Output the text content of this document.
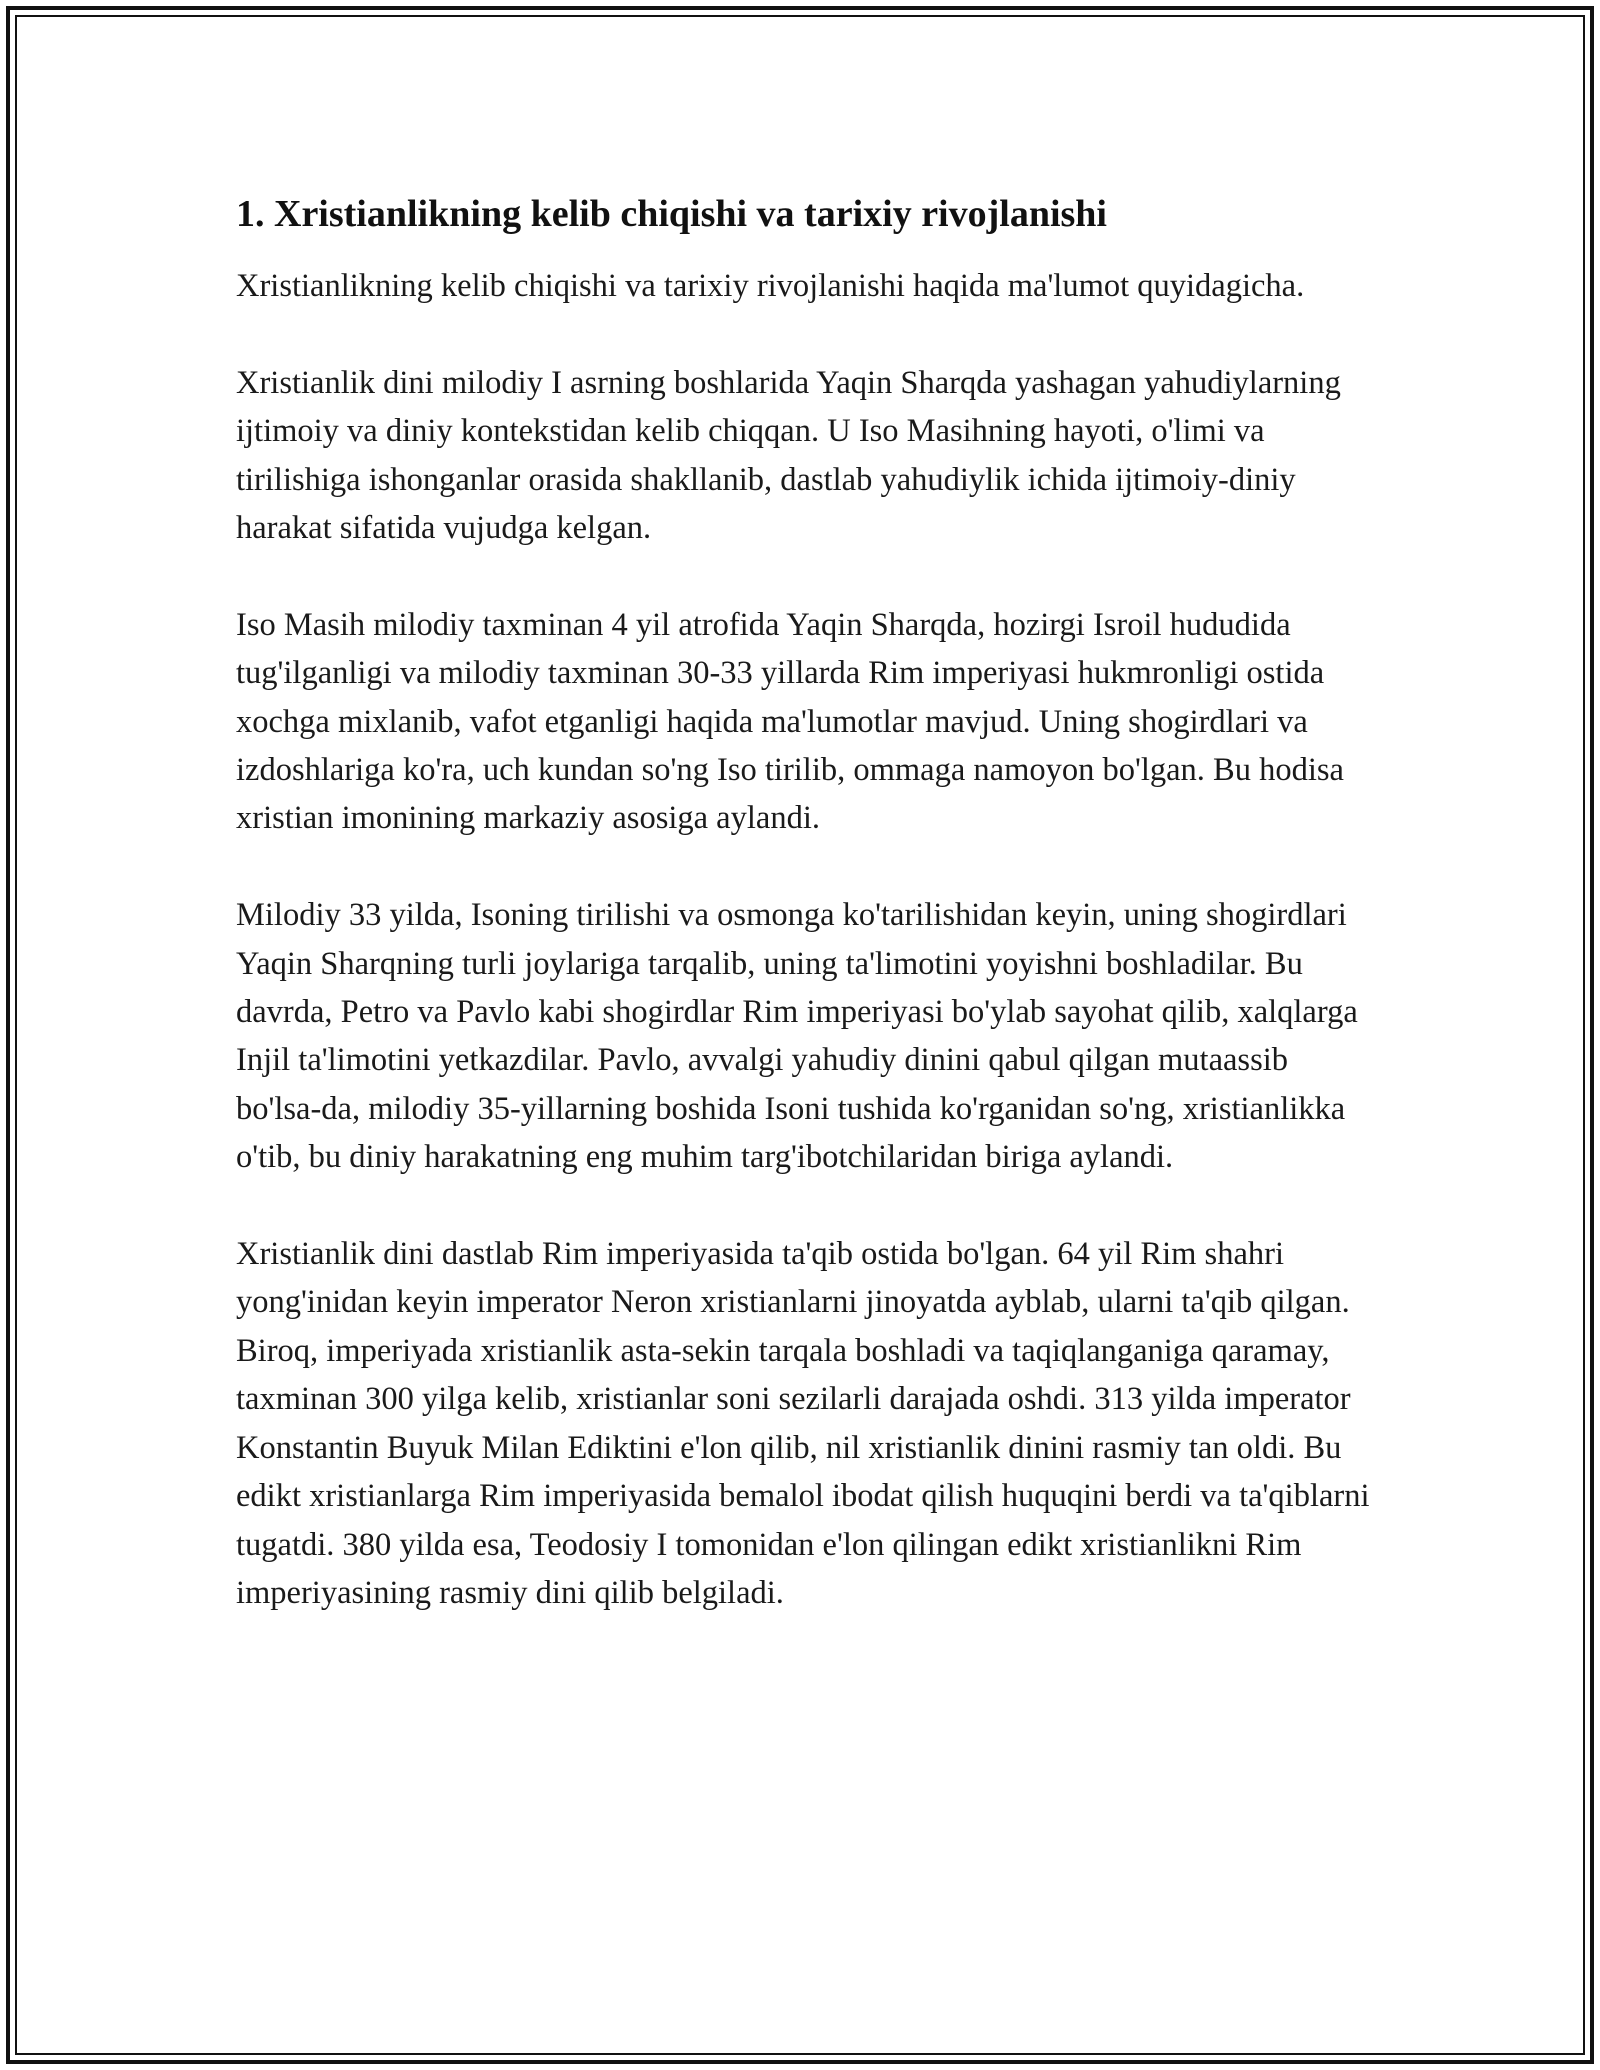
1. Xristianlikning kelib chiqishi va tarixiy rivojlanishi

Xristianlikning kelib chiqishi va tarixiy rivojlanishi haqida ma'lumot quyidagicha.

Xristianlik dini milodiy I asrning boshlarida Yaqin Sharqda yashagan yahudiylarning ijtimoiy va diniy kontekstidan kelib chiqqan. U Iso Masihning hayoti, o'limi va tirilishiga ishonganlar orasida shakllanib, dastlab yahudiylik ichida ijtimoiy-diniy harakat sifatida vujudga kelgan.

Iso Masih milodiy taxminan 4 yil atrofida Yaqin Sharqda, hozirgi Isroil hududida tug'ilganligi va milodiy taxminan 30-33 yillarda Rim imperiyasi hukmronligi ostida xochga mixlanib, vafot etganligi haqida ma'lumotlar mavjud. Uning shogirdlari va izdoshlariga ko'ra, uch kundan so'ng Iso tirilib, ommaga namoyon bo'lgan. Bu hodisa xristian imonining markaziy asosiga aylandi.

Milodiy 33 yilda, Isoning tirilishi va osmonga ko'tarilishidan keyin, uning shogirdlari Yaqin Sharqning turli joylariga tarqalib, uning ta'limotini yoyishni boshladilar. Bu davrda, Petro va Pavlo kabi shogirdlar Rim imperiyasi bo'ylab sayohat qilib, xalqlarga Injil ta'limotini yetkazdilar. Pavlo, avvalgi yahudiy dinini qabul qilgan mutaassib bo'lsa-da, milodiy 35-yillarning boshida Isoni tushida ko'rganidan so'ng, xristianlikka o'tib, bu diniy harakatning eng muhim targ'ibotchilaridan biriga aylandi.

Xristianlik dini dastlab Rim imperiyasida ta'qib ostida bo'lgan. 64 yil Rim shahri yong'inidan keyin imperator Neron xristianlarni jinoyatda ayblab, ularni ta'qib qilgan. Biroq, imperiyada xristianlik asta-sekin tarqala boshladi va taqiqlanganiga qaramay, taxminan 300 yilga kelib, xristianlar soni sezilarli darajada oshdi. 313 yilda imperator Konstantin Buyuk Milan Ediktini e'lon qilib, nil xristianlik dinini rasmiy tan oldi. Bu edikt xristianlarga Rim imperiyasida bemalol ibodat qilish huquqini berdi va ta'qiblarni tugatdi. 380 yilda esa, Teodosiy I tomonidan e'lon qilingan edikt xristianlikni Rim imperiyasining rasmiy dini qilib belgiladi.
